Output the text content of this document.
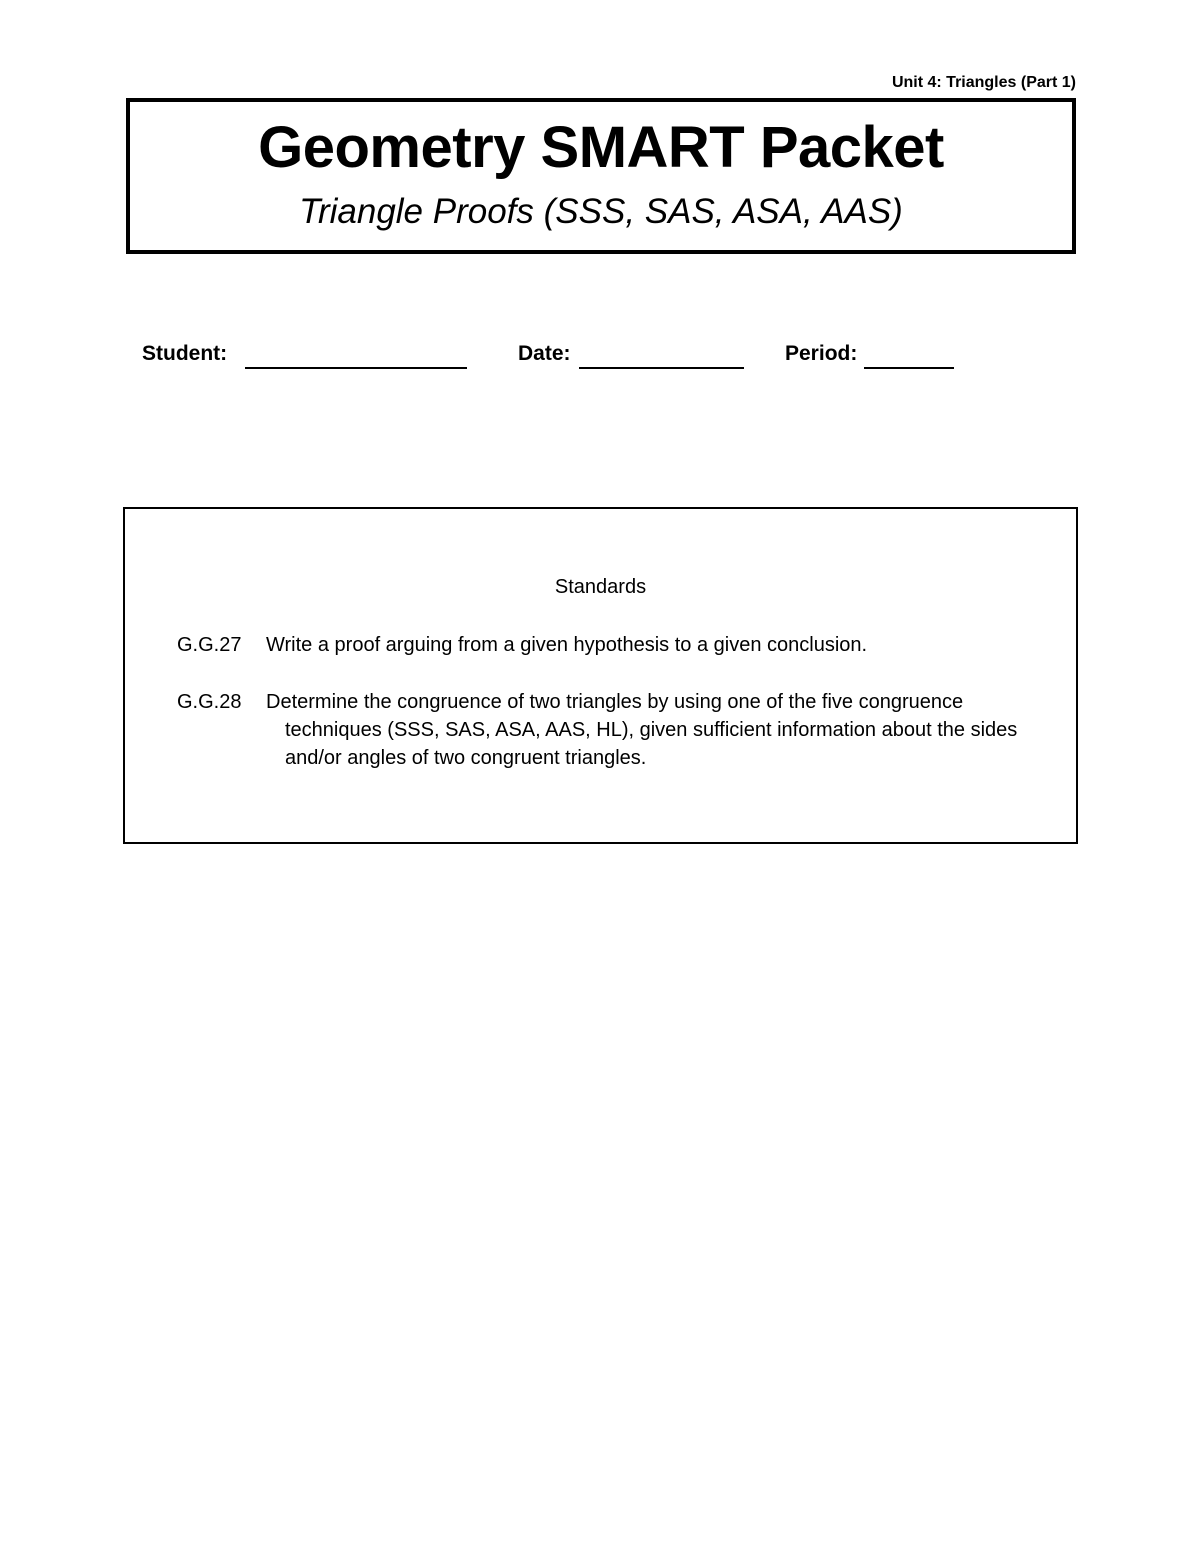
Unit 4: Triangles (Part 1)
Geometry SMART Packet
Triangle Proofs (SSS, SAS, ASA, AAS)
Student:	Date:	Period:
Standards
G.G.27 Write a proof arguing from a given hypothesis to a given conclusion.
G.G.28 Determine the congruence of two triangles by using one of the five congruence
techniques (SSS, SAS, ASA, AAS, HL), given sufficient information about the sides
and/or angles of two congruent triangles.
